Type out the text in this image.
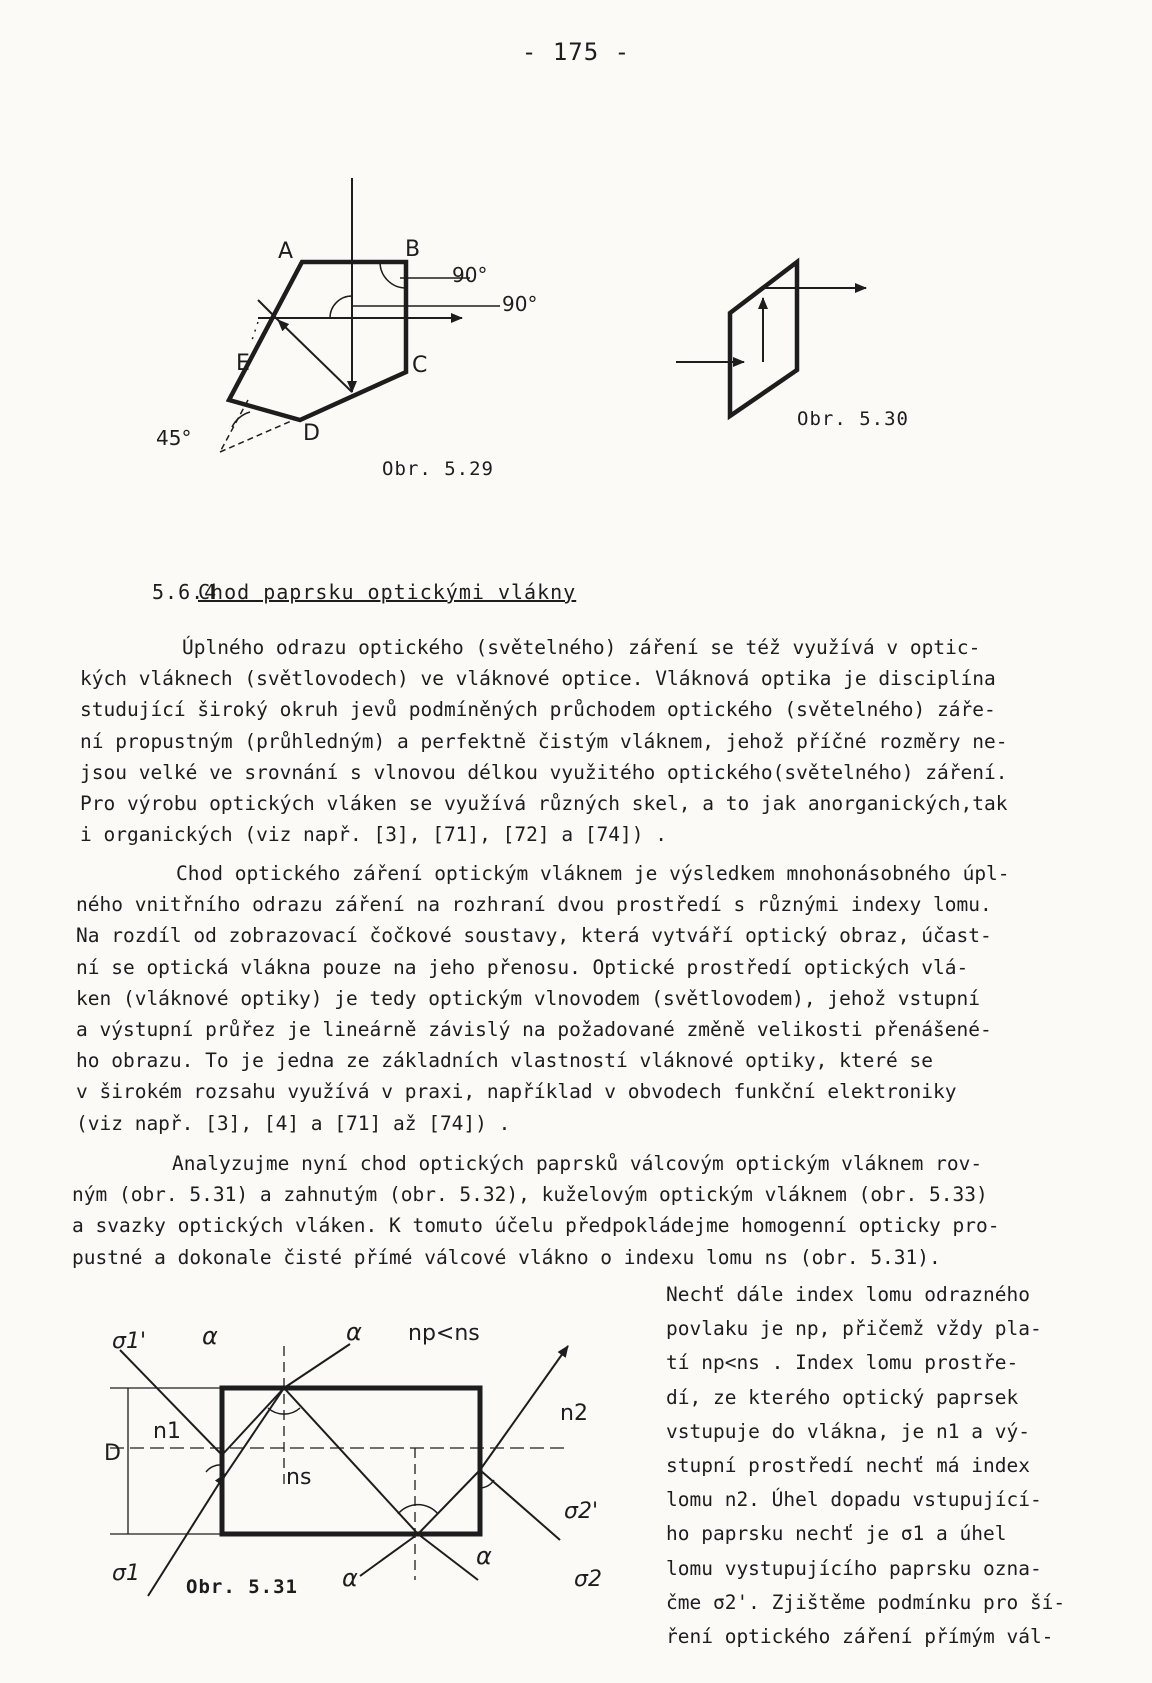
- 175 -
A	B
C
D
E
90°
90°
45°
Obr. 5.29
Obr. 5.30
5.6.4Chod paprsku optickými vlákny

Úplného odrazu optického (světelného) záření se též využívá v optic-

kých vláknech (světlovodech) ve vláknové optice. Vláknová optika je disciplína

studující široký okruh jevů podmíněných průchodem optického (světelného) záře-

ní propustným (průhledným) a perfektně čistým vláknem, jehož příčné rozměry ne-

jsou velké ve srovnání s vlnovou délkou využitého optického(světelného) záření.

Pro výrobu optických vláken se využívá různých skel, a to jak anorganických,tak

i organických (viz např. [3], [71], [72] a [74]) .

Chod optického záření optickým vláknem je výsledkem mnohonásobného úpl-

ného vnitřního odrazu záření na rozhraní dvou prostředí s různými indexy lomu.

Na rozdíl od zobrazovací čočkové soustavy, která vytváří optický obraz, účast-

ní se optická vlákna pouze na jeho přenosu. Optické prostředí optických vlá-

ken (vláknové optiky) je tedy optickým vlnovodem (světlovodem), jehož vstupní

a výstupní průřez je lineárně závislý na požadované změně velikosti přenášené-

ho obrazu. To je jedna ze základních vlastností vláknové optiky, které se

v širokém rozsahu využívá v praxi, například v obvodech funkční elektroniky

(viz např. [3], [4] a [71] až [74]) .

Analyzujme nyní chod optických paprsků válcovým optickým vláknem rov-

ným (obr. 5.31) a zahnutým (obr. 5.32), kuželovým optickým vláknem (obr. 5.33)

a svazky optických vláken. K tomuto účelu předpokládejme homogenní opticky pro-

pustné a dokonale čisté přímé válcové vlákno o indexu lomu ns (obr. 5.31).

Nechť dále index lomu odrazného

povlaku je np, přičemž vždy pla-

tí np<ns . Index lomu prostře-

dí, ze kterého optický paprsek

vstupuje do vlákna, je n1 a vý-

stupní prostředí nechť má index

lomu n2. Úhel dopadu vstupující-

ho paprsku nechť je σ1 a úhel

lomu vystupujícího paprsku ozna-

čme σ2'. Zjištěme podmínku pro ší-

ření optického záření přímým vál-

σ1' α	α np<ns
n1
n2
ns
D
σ2'
α
α
σ1	σ2
Obr. 5.31
